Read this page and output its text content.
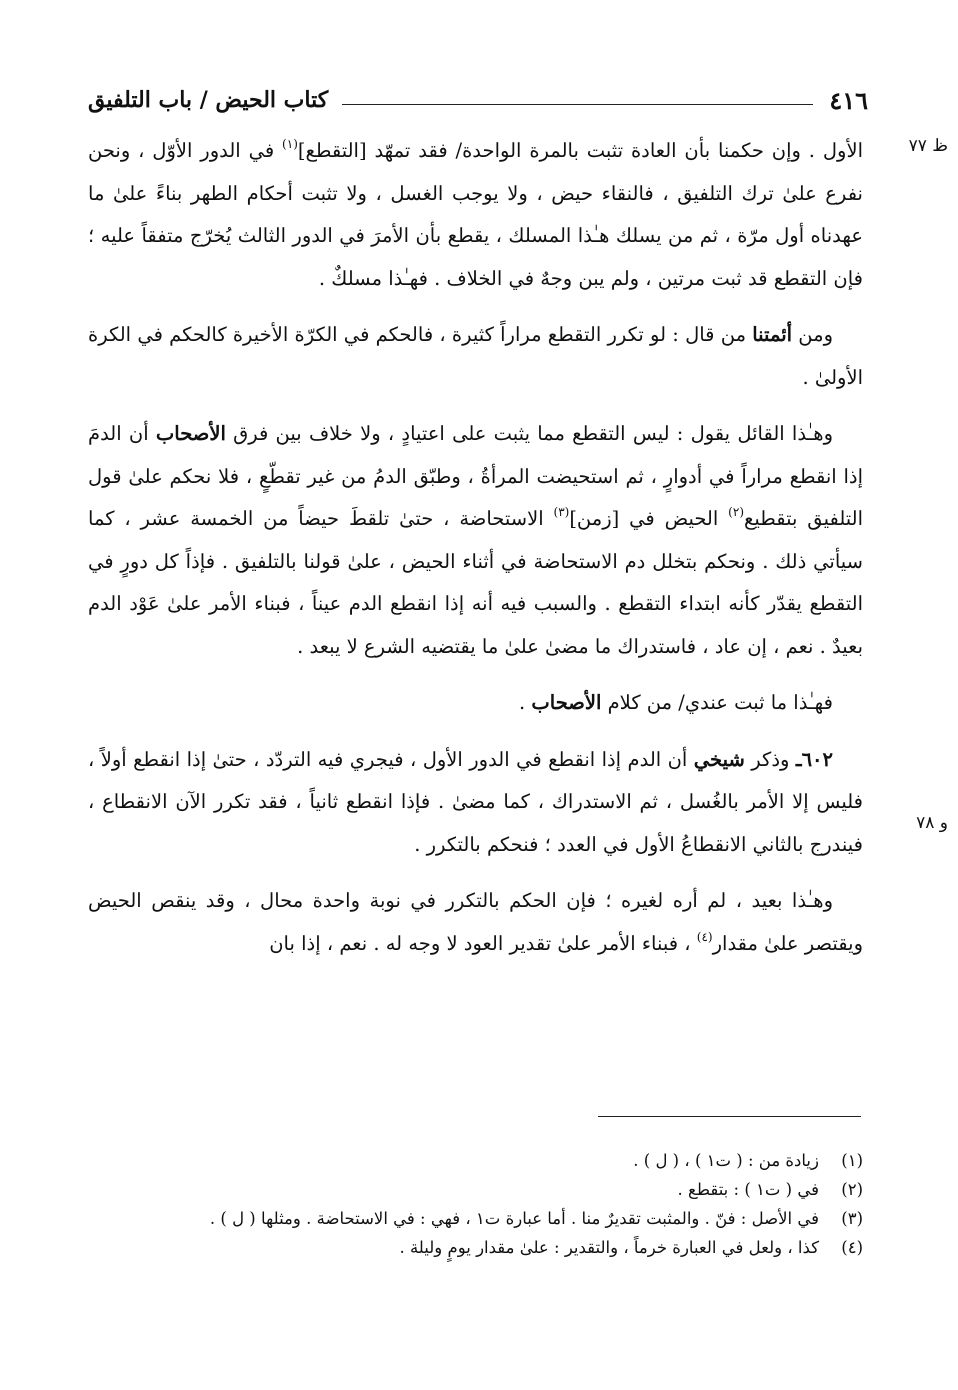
٤١٦
كتاب الحيض / باب التلفيق
ظ ٧٧
و ٧٨

الأول . وإن حكمنا بأن العادة تثبت بالمرة الواحدة/ فقد تمهّد [التقطع]$^{(١)}$ في الدور الأوّل ، ونحن نفرع علىٰ ترك التلفيق ، فالنقاء حيض ، ولا يوجب الغسل ، ولا تثبت أحكام الطهر بناءً علىٰ ما عهدناه أول مرّة ، ثم من يسلك هـٰذا المسلك ، يقطع بأن الأمرَ في الدور الثالث يُخرّج متفقاً عليه ؛ فإن التقطع قد ثبت مرتين ، ولم يبن وجهٌ في الخلاف . فهـٰذا مسلكٌ .

ومن أئمتنا من قال : لو تكرر التقطع مراراً كثيرة ، فالحكم في الكرّة الأخيرة كالحكم في الكرة الأولىٰ .

وهـٰذا القائل يقول : ليس التقطع مما يثبت على اعتيادٍ ، ولا خلاف بين فرق الأصحاب أن الدمَ إذا انقطع مراراً في أدوارٍ ، ثم استحيضت المرأةُ ، وطبّق الدمُ من غير تقطّعٍ ، فلا نحكم علىٰ قول التلفيق بتقطيع$^{(٢)}$ الحيض في [زمن]$^{(٣)}$ الاستحاضة ، حتىٰ تلقطَ حيضاً من الخمسة عشر ، كما سيأتي ذلك . ونحكم بتخلل دم الاستحاضة في أثناء الحيض ، علىٰ قولنا بالتلفيق . فإذاً كل دورٍ في التقطع يقدّر كأنه ابتداء التقطع . والسبب فيه أنه إذا انقطع الدم عيناً ، فبناء الأمر علىٰ عَوْد الدم بعيدٌ . نعم ، إن عاد ، فاستدراك ما مضىٰ علىٰ ما يقتضيه الشرع لا يبعد .

فهـٰذا ما ثبت عندي/ من كلام الأصحاب .

٦٠٢ـ وذكر شيخي أن الدم إذا انقطع في الدور الأول ، فيجري فيه التردّد ، حتىٰ إذا انقطع أولاً ، فليس إلا الأمر بالغُسل ، ثم الاستدراك ، كما مضىٰ . فإذا انقطع ثانياً ، فقد تكرر الآن الانقطاع ، فيندرج بالثاني الانقطاعُ الأول في العدد ؛ فنحكم بالتكرر .

وهـٰذا بعيد ، لم أره لغيره ؛ فإن الحكم بالتكرر في نوبة واحدة محال ، وقد ينقص الحيض ويقتصر علىٰ مقدار$^{(٤)}$ ، فبناء الأمر علىٰ تقدير العود لا وجه له . نعم ، إذا بان

(١)
زيادة من : ( ت١ ) ، ( ل ) .
(٢)
في ( ت١ ) : بتقطع .
(٣)
في الأصل : فنّ . والمثبت تقديرٌ منا . أما عبارة ت١ ، فهي : في الاستحاضة . ومثلها ( ل ) .
(٤)
كذا ، ولعل في العبارة خرماً ، والتقدير : علىٰ مقدار يومٍ وليلة .
